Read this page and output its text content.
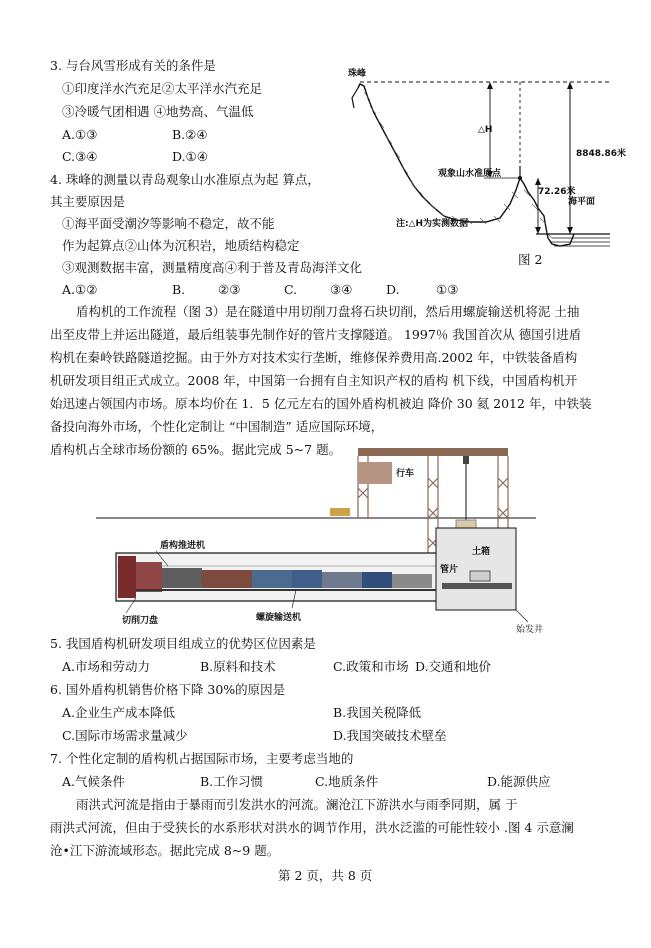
3. 与台风雪形成有关的条件是
①印度洋水汽充足②太平洋水汽充足
③冷暖气团相遇 ④地势高、气温低
A.①③	B.②④
C.③④	D.①④
4. 珠峰的测量以青岛观象山水准原点为起 算点，
其主要原因是
①海平面受潮汐等影响不稳定，故不能
作为起算点②山体为沉积岩，地质结构稳定
③观测数据丰富，测量精度高④利于普及青岛海洋文化
A.①②	B.	②③	C.	③④	D.	①③
珠峰
8848.86米
△H
观象山水准原点
72.26米
海平面
注:△H为实测数据
图 2
盾构机的工作流程（图 3）是在隧道中用切削刀盘将石块切削，然后用螺旋输送机将泥 土抽
出至皮带上并运出隧道，最后组装事先制作好的管片支撑隧道。 1997％ 我国首次从 德国引进盾
构机在秦岭铁路隧道挖掘。由于外方对技术实行垄断，维修保养费用高.2002 年，中铁装备盾构
机研发项目组正式成立。2008 年，中国第一台拥有自主知识产权的盾构 机下线，中国盾构机开
始迅速占领国内市场。原本均价在 1．5 亿元左右的国外盾构机被迫 降价 30 氦 2012 年，中铁装
备投向海外市场，个性化定制让 “中国制造” 适应国际环境，
盾构机占全球市场份额的 65%。据此完成 5~7 题。
行车
土箱
盾构推进机
管片
切削刀盘	螺旋输送机
始发井
5. 我国盾构机研发项目组成立的优势区位因素是
A.市场和劳动力	B.原料和技术	C.政策和市场 D.交通和地价
6. 国外盾构机销售价格下降 30%的原因是
A.企业生产成本降低	B.我国关税降低
C.国际市场需求量减少	D.我国突破技术壁垒
7. 个性化定制的盾构机占据国际市场，主要考虑当地的
A.气候条件	B.工作习惯	C.地质条件	D.能源供应
雨洪式河流是指由于暴雨而引发洪水的河流。澜沧江下游洪水与雨季同期，属 于
雨洪式河流，但由于受狭长的水系形状对洪水的调节作用，洪水泛滥的可能性较小 .图 4 示意澜
沧•江下游流域形态。据此完成 8~9 题。
第 2 页，共 8 页
